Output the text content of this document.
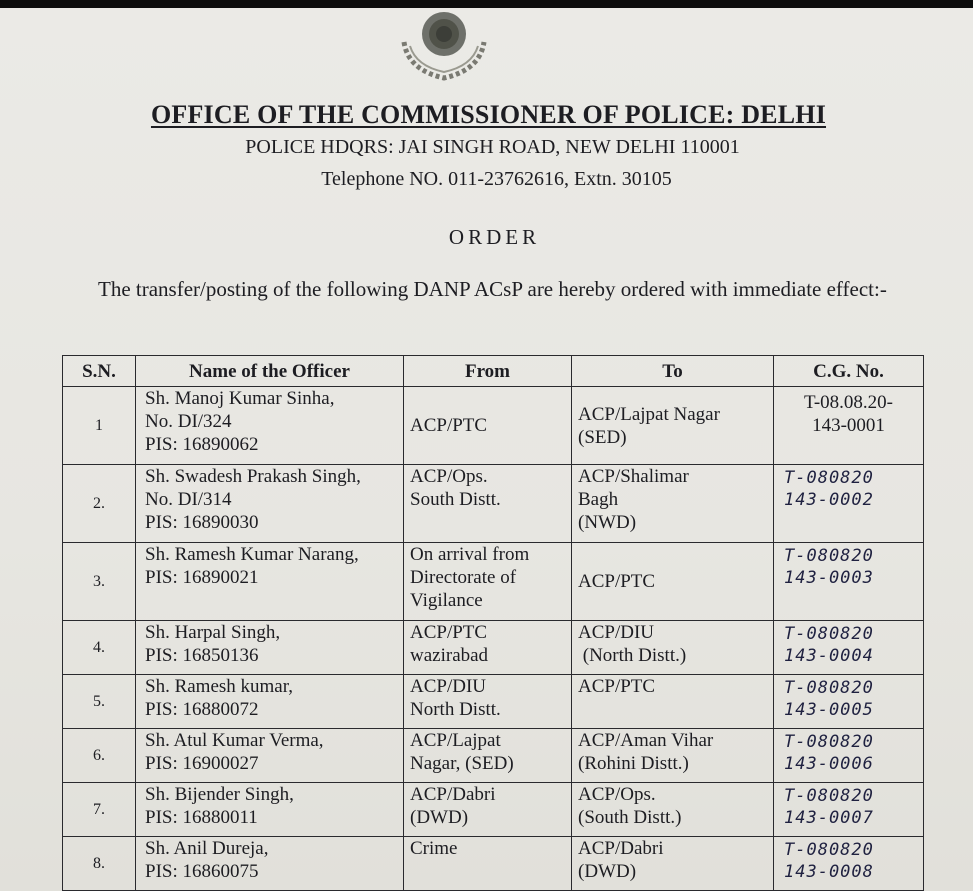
OFFICE OF THE COMMISSIONER OF POLICE: DELHI
POLICE HDQRS: JAI SINGH ROAD, NEW DELHI 110001
Telephone NO. 011-23762616, Extn. 30105
ORDER
The transfer/posting of the following DANP ACsP are hereby ordered with immediate effect:-
S.N.	Name of the Officer	From	To	C.G. No.
1	Sh. Manoj Kumar Sinha,
No. DI/324
PIS: 16890062	ACP/PTC	ACP/Lajpat Nagar
(SED)	T-08.08.20-
143-0001

2.	Sh. Swadesh Prakash Singh,
No. DI/314
PIS: 16890030	ACP/Ops.
South Distt.	ACP/Shalimar
Bagh
(NWD)	T-080820
143-0002

3.	Sh. Ramesh Kumar Narang,
PIS: 16890021	On arrival from
Directorate of
Vigilance	ACP/PTC	T-080820
143-0003

4.	Sh. Harpal Singh,
PIS: 16850136	ACP/PTC
wazirabad	ACP/DIU
(North Distt.)	T-080820
143-0004

5.	Sh. Ramesh kumar,
PIS: 16880072	ACP/DIU
North Distt.	ACP/PTC	T-080820
143-0005

6.	Sh. Atul Kumar Verma,
PIS: 16900027	ACP/Lajpat
Nagar, (SED)	ACP/Aman Vihar
(Rohini Distt.)	T-080820
143-0006

7.	Sh. Bijender Singh,
PIS: 16880011	ACP/Dabri
(DWD)	ACP/Ops.
(South Distt.)	T-080820
143-0007

8.	Sh. Anil Dureja,
PIS: 16860075	Crime	ACP/Dabri
(DWD)	T-080820
143-0008
